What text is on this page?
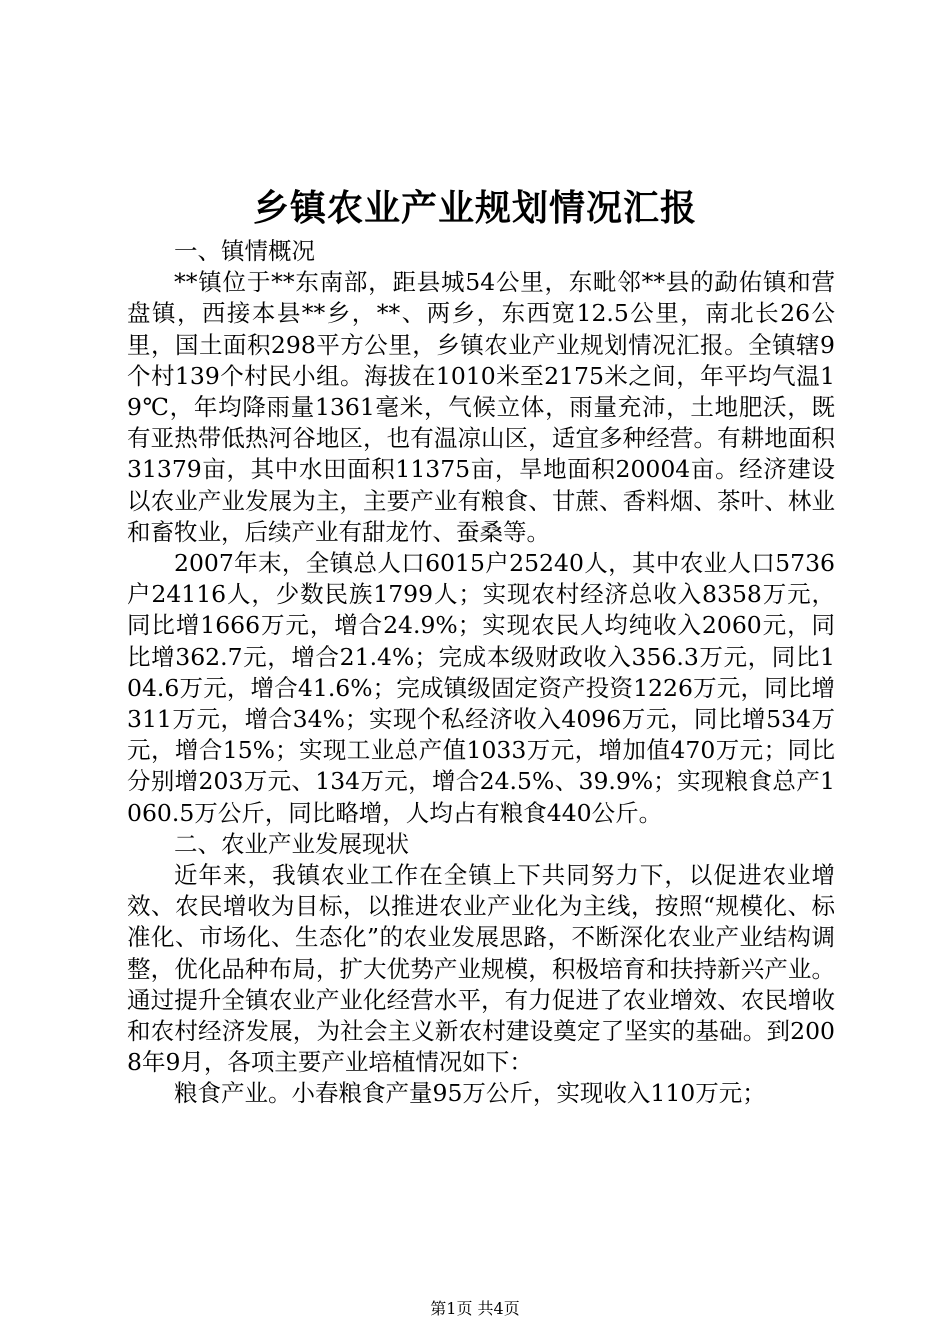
乡镇农业产业规划情况汇报

一、镇情概况

**镇位于**东南部，距县城54公里，东毗邻**县的勐佑镇和营盘镇，西接本县**乡，**、两乡，东西宽12.5公里，南北长26公里，国土面积298平方公里，乡镇农业产业规划情况汇报。全镇辖9个村139个村民小组。海拔在1010米至2175米之间，年平均气温19℃，年均降雨量1361毫米，气候立体，雨量充沛，土地肥沃，既有亚热带低热河谷地区，也有温凉山区，适宜多种经营。有耕地面积31379亩，其中水田面积11375亩，旱地面积20004亩。经济建设以农业产业发展为主，主要产业有粮食、甘蔗、香料烟、茶叶、林业和畜牧业，后续产业有甜龙竹、蚕桑等。

2007年末，全镇总人口6015户25240人，其中农业人口5736户24116人，少数民族1799人；实现农村经济总收入8358万元，同比增1666万元，增合24.9%；实现农民人均纯收入2060元，同比增362.7元，增合21.4%；完成本级财政收入356.3万元，同比104.6万元，增合41.6%；完成镇级固定资产投资1226万元，同比增311万元，增合34%；实现个私经济收入4096万元，同比增534万元，增合15%；实现工业总产值1033万元，增加值470万元；同比分别增203万元、134万元，增合24.5%、39.9%；实现粮食总产1060.5万公斤，同比略增，人均占有粮食440公斤。

二、农业产业发展现状

近年来，我镇农业工作在全镇上下共同努力下，以促进农业增效、农民增收为目标，以推进农业产业化为主线，按照“规模化、标准化、市场化、生态化”的农业发展思路，不断深化农业产业结构调整，优化品种布局，扩大优势产业规模，积极培育和扶持新兴产业。通过提升全镇农业产业化经营水平，有力促进了农业增效、农民增收和农村经济发展，为社会主义新农村建设奠定了坚实的基础。到2008年9月，各项主要产业培植情况如下：

粮食产业。小春粮食产量95万公斤，实现收入110万元；

第1页 共4页
